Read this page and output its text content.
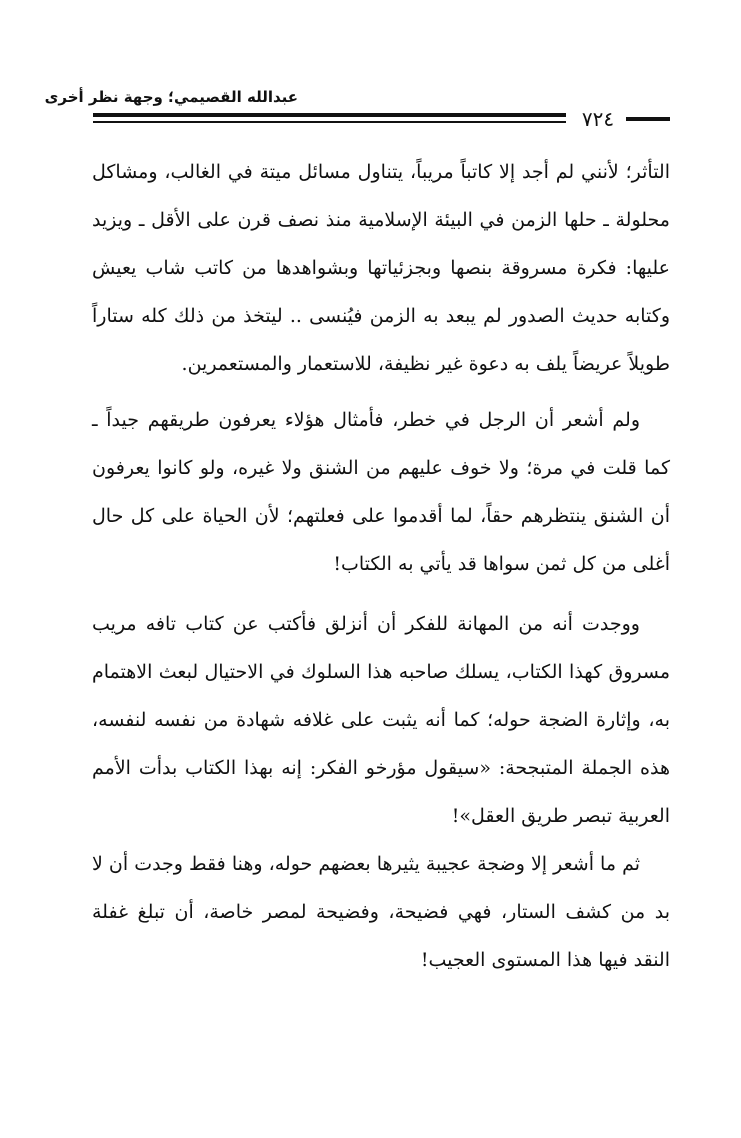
عبدالله القصيمي؛ وجهة نظر أخرى
٧٢٤

التأثر؛ لأنني لم أجد إلا كاتباً مريباً، يتناول مسائل ميتة في الغالب، ومشاكل محلولة ـ حلها الزمن في البيئة الإسلامية منذ نصف قرن على الأقل ـ ويزيد عليها: فكرة مسروقة بنصها وبجزئياتها وبشواهدها من كاتب شاب يعيش وكتابه حديث الصدور لم يبعد به الزمن فيُنسى .. ليتخذ من ذلك كله ستاراً طويلاً عريضاً يلف به دعوة غير نظيفة، للاستعمار والمستعمرين.

ولم أشعر أن الرجل في خطر، فأمثال هؤلاء يعرفون طريقهم جيداً ـ كما قلت في مرة؛ ولا خوف عليهم من الشنق ولا غيره، ولو كانوا يعرفون أن الشنق ينتظرهم حقاً، لما أقدموا على فعلتهم؛ لأن الحياة على كل حال أغلى من كل ثمن سواها قد يأتي به الكتاب!

ووجدت أنه من المهانة للفكر أن أنزلق فأكتب عن كتاب تافه مريب مسروق كهذا الكتاب، يسلك صاحبه هذا السلوك في الاحتيال لبعث الاهتمام به، وإثارة الضجة حوله؛ كما أنه يثبت على غلافه شهادة من نفسه لنفسه، هذه الجملة المتبجحة: «سيقول مؤرخو الفكر: إنه بهذا الكتاب بدأت الأمم العربية تبصر طريق العقل»!

ثم ما أشعر إلا وضجة عجيبة يثيرها بعضهم حوله، وهنا فقط وجدت أن لا بد من كشف الستار، فهي فضيحة، وفضيحة لمصر خاصة، أن تبلغ غفلة النقد فيها هذا المستوى العجيب!
